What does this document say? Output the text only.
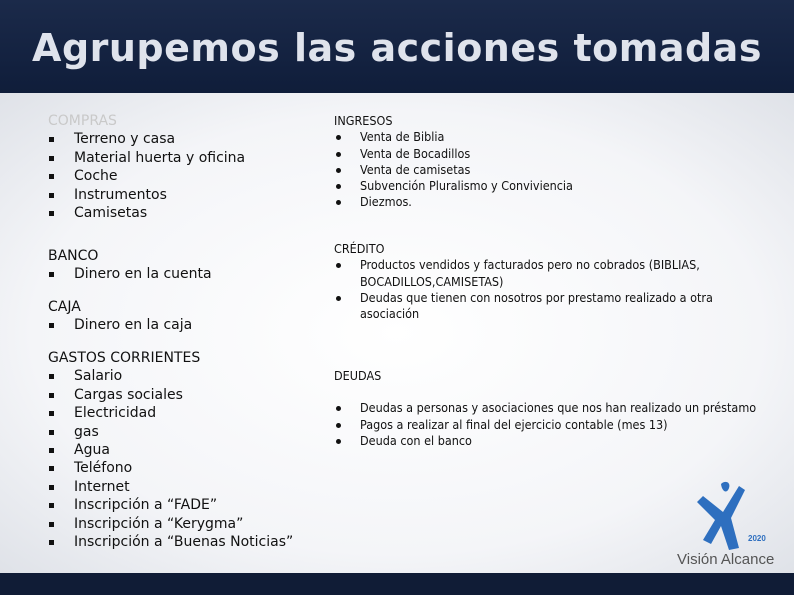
Agrupemos las acciones tomadas
COMPRAS
Terreno y casa
Material huerta y oficina
Coche
Instrumentos
Camisetas
BANCO
Dinero en la cuenta
CAJA
Dinero en la caja
GASTOS CORRIENTES
Salario
Cargas sociales
Electricidad
gas
Agua
Teléfono
Internet
Inscripción a “FADE”
Inscripción a “Kerygma”
Inscripción a “Buenas Noticias”
INGRESOS
Venta de Biblia
Venta de Bocadillos
Venta de camisetas
Subvención Pluralismo y Conviviencia
Diezmos.
CRÉDITO
Productos vendidos y facturados pero no cobrados (BIBLIAS, BOCADILLOS,CAMISETAS)
Deudas que tienen con nosotros por prestamo realizado a otra asociación
DEUDAS
Deudas a personas y asociaciones que nos han realizado un préstamo
Pagos a realizar al final del ejercicio contable (mes 13)
Deuda con el banco
2020
Visión Alcance
